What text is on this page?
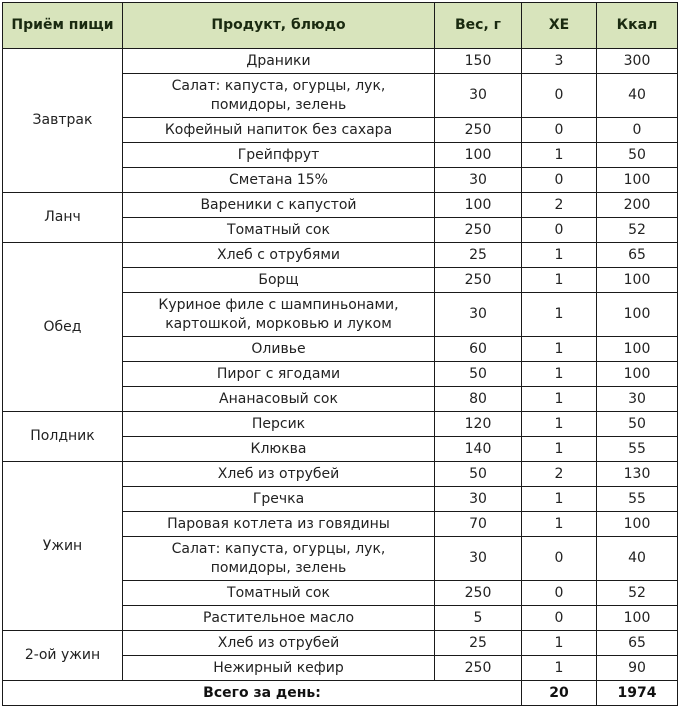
Приём пищи	Продукт, блюдо	Вес, г	ХЕ	Ккал
Завтрак	Драники	150	3	300
	Салат: капуста, огурцы, лук, помидоры, зелень	30	0	40
	Кофейный напиток без сахара	250	0	0
	Грейпфрут	100	1	50
	Сметана 15%	30	0	100
Ланч	Вареники с капустой	100	2	200
	Томатный сок	250	0	52
Обед	Хлеб с отрубями	25	1	65
	Борщ	250	1	100
	Куриное филе с шампиньонами, картошкой, морковью и луком	30	1	100
	Оливье	60	1	100
	Пирог с ягодами	50	1	100
	Ананасовый сок	80	1	30
Полдник	Персик	120	1	50
	Клюква	140	1	55
Ужин	Хлеб из отрубей	50	2	130
	Гречка	30	1	55
	Паровая котлета из говядины	70	1	100
	Салат: капуста, огурцы, лук, помидоры, зелень	30	0	40
	Томатный сок	250	0	52
	Растительное масло	5	0	100
2-ой ужин	Хлеб из отрубей	25	1	65
	Нежирный кефир	250	1	90
Всего за день:			20	1974
